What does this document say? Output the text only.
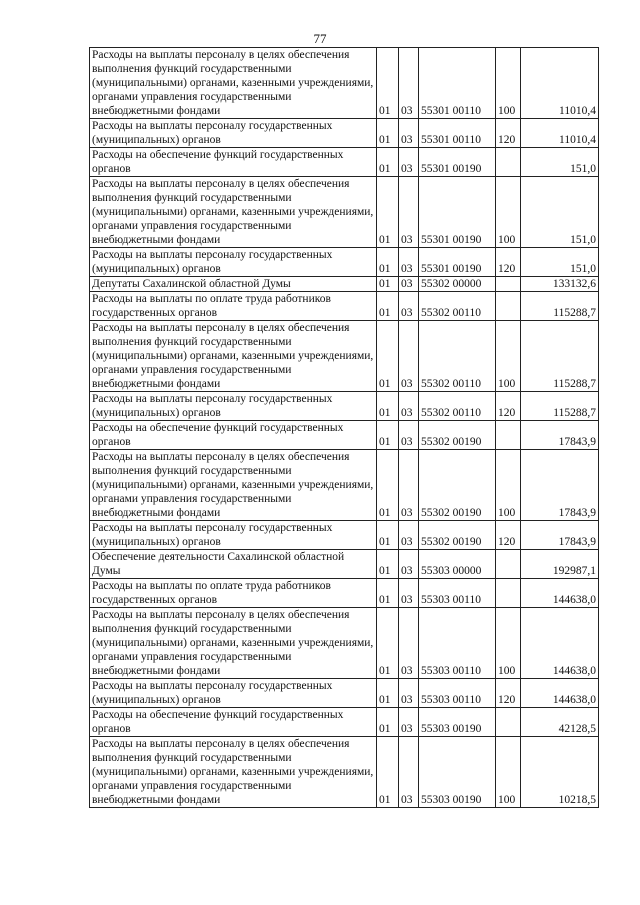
77
Расходы на выплаты персоналу в целях обеспечения выполнения функций государственными (муниципальными) органами, казенными учреждениями, органами управления государственными внебюджетными фондами	01	03	55301 00110	100	11010,4
Расходы на выплаты персоналу государственных (муниципальных) органов	01	03	55301 00110	120	11010,4
Расходы на обеспечение функций государственных органов	01	03	55301 00190		151,0
Расходы на выплаты персоналу в целях обеспечения выполнения функций государственными (муниципальными) органами, казенными учреждениями, органами управления государственными внебюджетными фондами	01	03	55301 00190	100	151,0
Расходы на выплаты персоналу государственных (муниципальных) органов	01	03	55301 00190	120	151,0
Депутаты Сахалинской областной Думы	01	03	55302 00000		133132,6
Расходы на выплаты по оплате труда работников государственных органов	01	03	55302 00110		115288,7
Расходы на выплаты персоналу в целях обеспечения выполнения функций государственными (муниципальными) органами, казенными учреждениями, органами управления государственными внебюджетными фондами	01	03	55302 00110	100	115288,7
Расходы на выплаты персоналу государственных (муниципальных) органов	01	03	55302 00110	120	115288,7
Расходы на обеспечение функций государственных органов	01	03	55302 00190		17843,9
Расходы на выплаты персоналу в целях обеспечения выполнения функций государственными (муниципальными) органами, казенными учреждениями, органами управления государственными внебюджетными фондами	01	03	55302 00190	100	17843,9
Расходы на выплаты персоналу государственных (муниципальных) органов	01	03	55302 00190	120	17843,9
Обеспечение деятельности Сахалинской областной Думы	01	03	55303 00000		192987,1
Расходы на выплаты по оплате труда работников государственных органов	01	03	55303 00110		144638,0
Расходы на выплаты персоналу в целях обеспечения выполнения функций государственными (муниципальными) органами, казенными учреждениями, органами управления государственными внебюджетными фондами	01	03	55303 00110	100	144638,0
Расходы на выплаты персоналу государственных (муниципальных) органов	01	03	55303 00110	120	144638,0
Расходы на обеспечение функций государственных органов	01	03	55303 00190		42128,5
Расходы на выплаты персоналу в целях обеспечения выполнения функций государственными (муниципальными) органами, казенными учреждениями, органами управления государственными внебюджетными фондами	01	03	55303 00190	100	10218,5
